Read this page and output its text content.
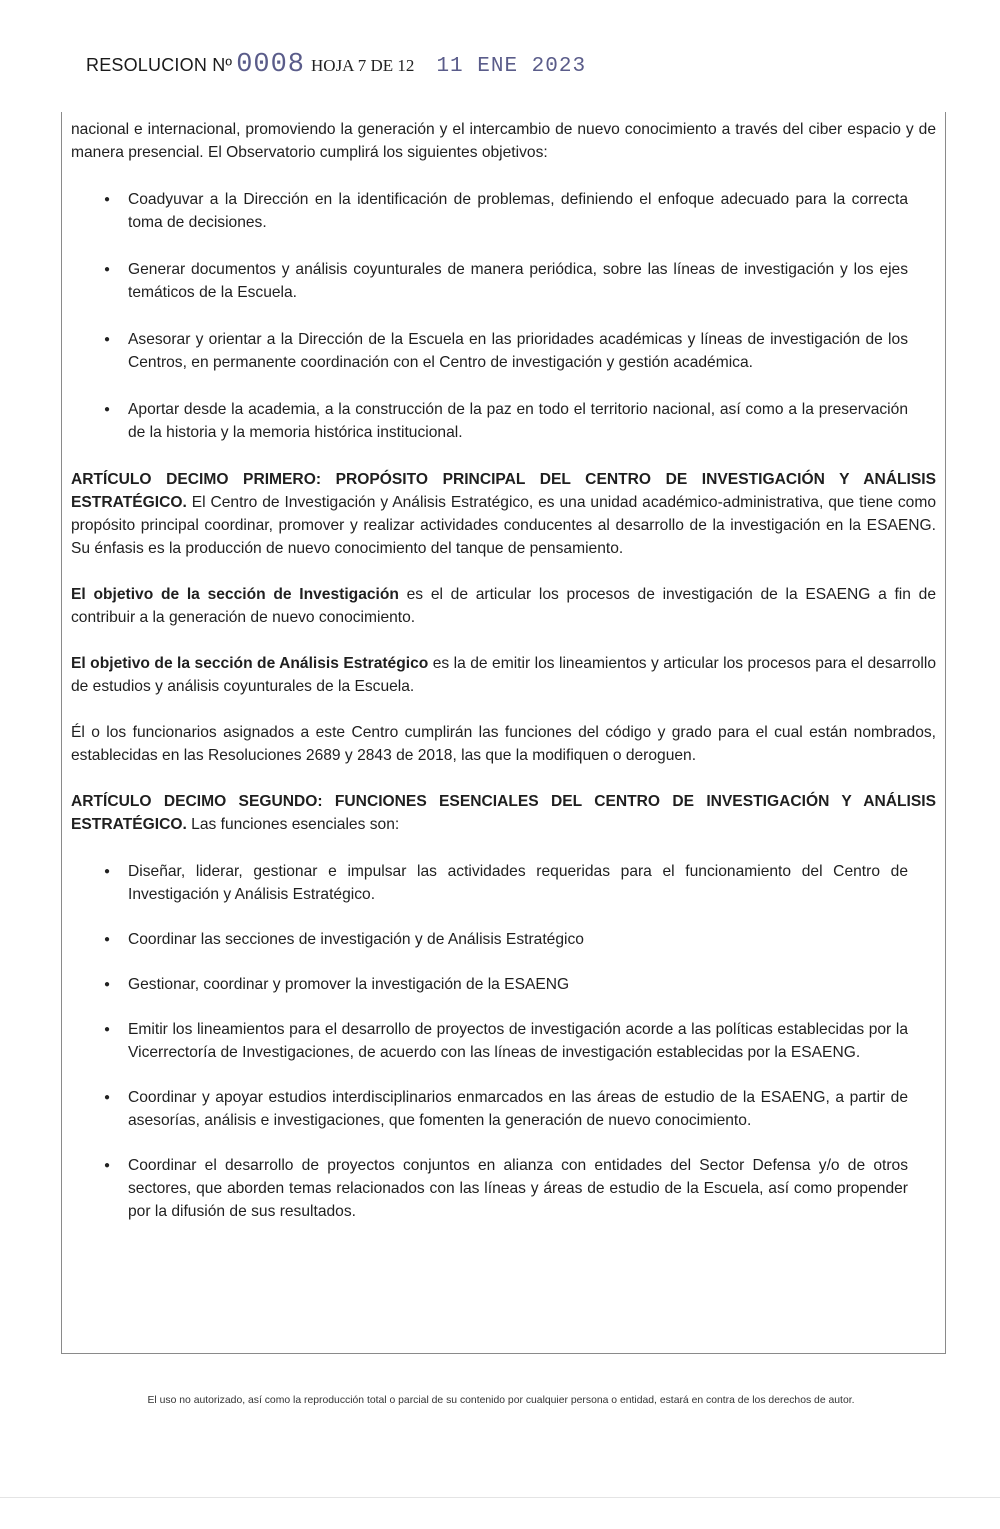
RESOLUCION Nº 0008 HOJA 7 DE 12 11 ENE 2023

nacional e internacional, promoviendo la generación y el intercambio de nuevo conocimiento a través del ciber espacio y de manera presencial. El Observatorio cumplirá los siguientes objetivos:

● Coadyuvar a la Dirección en la identificación de problemas, definiendo el enfoque adecuado para la correcta toma de decisiones.
● Generar documentos y análisis coyunturales de manera periódica, sobre las líneas de investigación y los ejes temáticos de la Escuela.
● Asesorar y orientar a la Dirección de la Escuela en las prioridades académicas y líneas de investigación de los Centros, en permanente coordinación con el Centro de investigación y gestión académica.
● Aportar desde la academia, a la construcción de la paz en todo el territorio nacional, así como a la preservación de la historia y la memoria histórica institucional.

ARTÍCULO DECIMO PRIMERO: PROPÓSITO PRINCIPAL DEL CENTRO DE INVESTIGACIÓN Y ANÁLISIS ESTRATÉGICO. El Centro de Investigación y Análisis Estratégico, es una unidad académico-administrativa, que tiene como propósito principal coordinar, promover y realizar actividades conducentes al desarrollo de la investigación en la ESAENG. Su énfasis es la producción de nuevo conocimiento del tanque de pensamiento.

El objetivo de la sección de Investigación es el de articular los procesos de investigación de la ESAENG a fin de contribuir a la generación de nuevo conocimiento.

El objetivo de la sección de Análisis Estratégico es la de emitir los lineamientos y articular los procesos para el desarrollo de estudios y análisis coyunturales de la Escuela.

Él o los funcionarios asignados a este Centro cumplirán las funciones del código y grado para el cual están nombrados, establecidas en las Resoluciones 2689 y 2843 de 2018, las que la modifiquen o deroguen.

ARTÍCULO DECIMO SEGUNDO: FUNCIONES ESENCIALES DEL CENTRO DE INVESTIGACIÓN Y ANÁLISIS ESTRATÉGICO. Las funciones esenciales son:

● Diseñar, liderar, gestionar e impulsar las actividades requeridas para el funcionamiento del Centro de Investigación y Análisis Estratégico.
● Coordinar las secciones de investigación y de Análisis Estratégico
● Gestionar, coordinar y promover la investigación de la ESAENG
● Emitir los lineamientos para el desarrollo de proyectos de investigación acorde a las políticas establecidas por la Vicerrectoría de Investigaciones, de acuerdo con las líneas de investigación establecidas por la ESAENG.
● Coordinar y apoyar estudios interdisciplinarios enmarcados en las áreas de estudio de la ESAENG, a partir de asesorías, análisis e investigaciones, que fomenten la generación de nuevo conocimiento.
● Coordinar el desarrollo de proyectos conjuntos en alianza con entidades del Sector Defensa y/o de otros sectores, que aborden temas relacionados con las líneas y áreas de estudio de la Escuela, así como propender por la difusión de sus resultados.
El uso no autorizado, así como la reproducción total o parcial de su contenido por cualquier persona o entidad, estará en contra de los derechos de autor.
